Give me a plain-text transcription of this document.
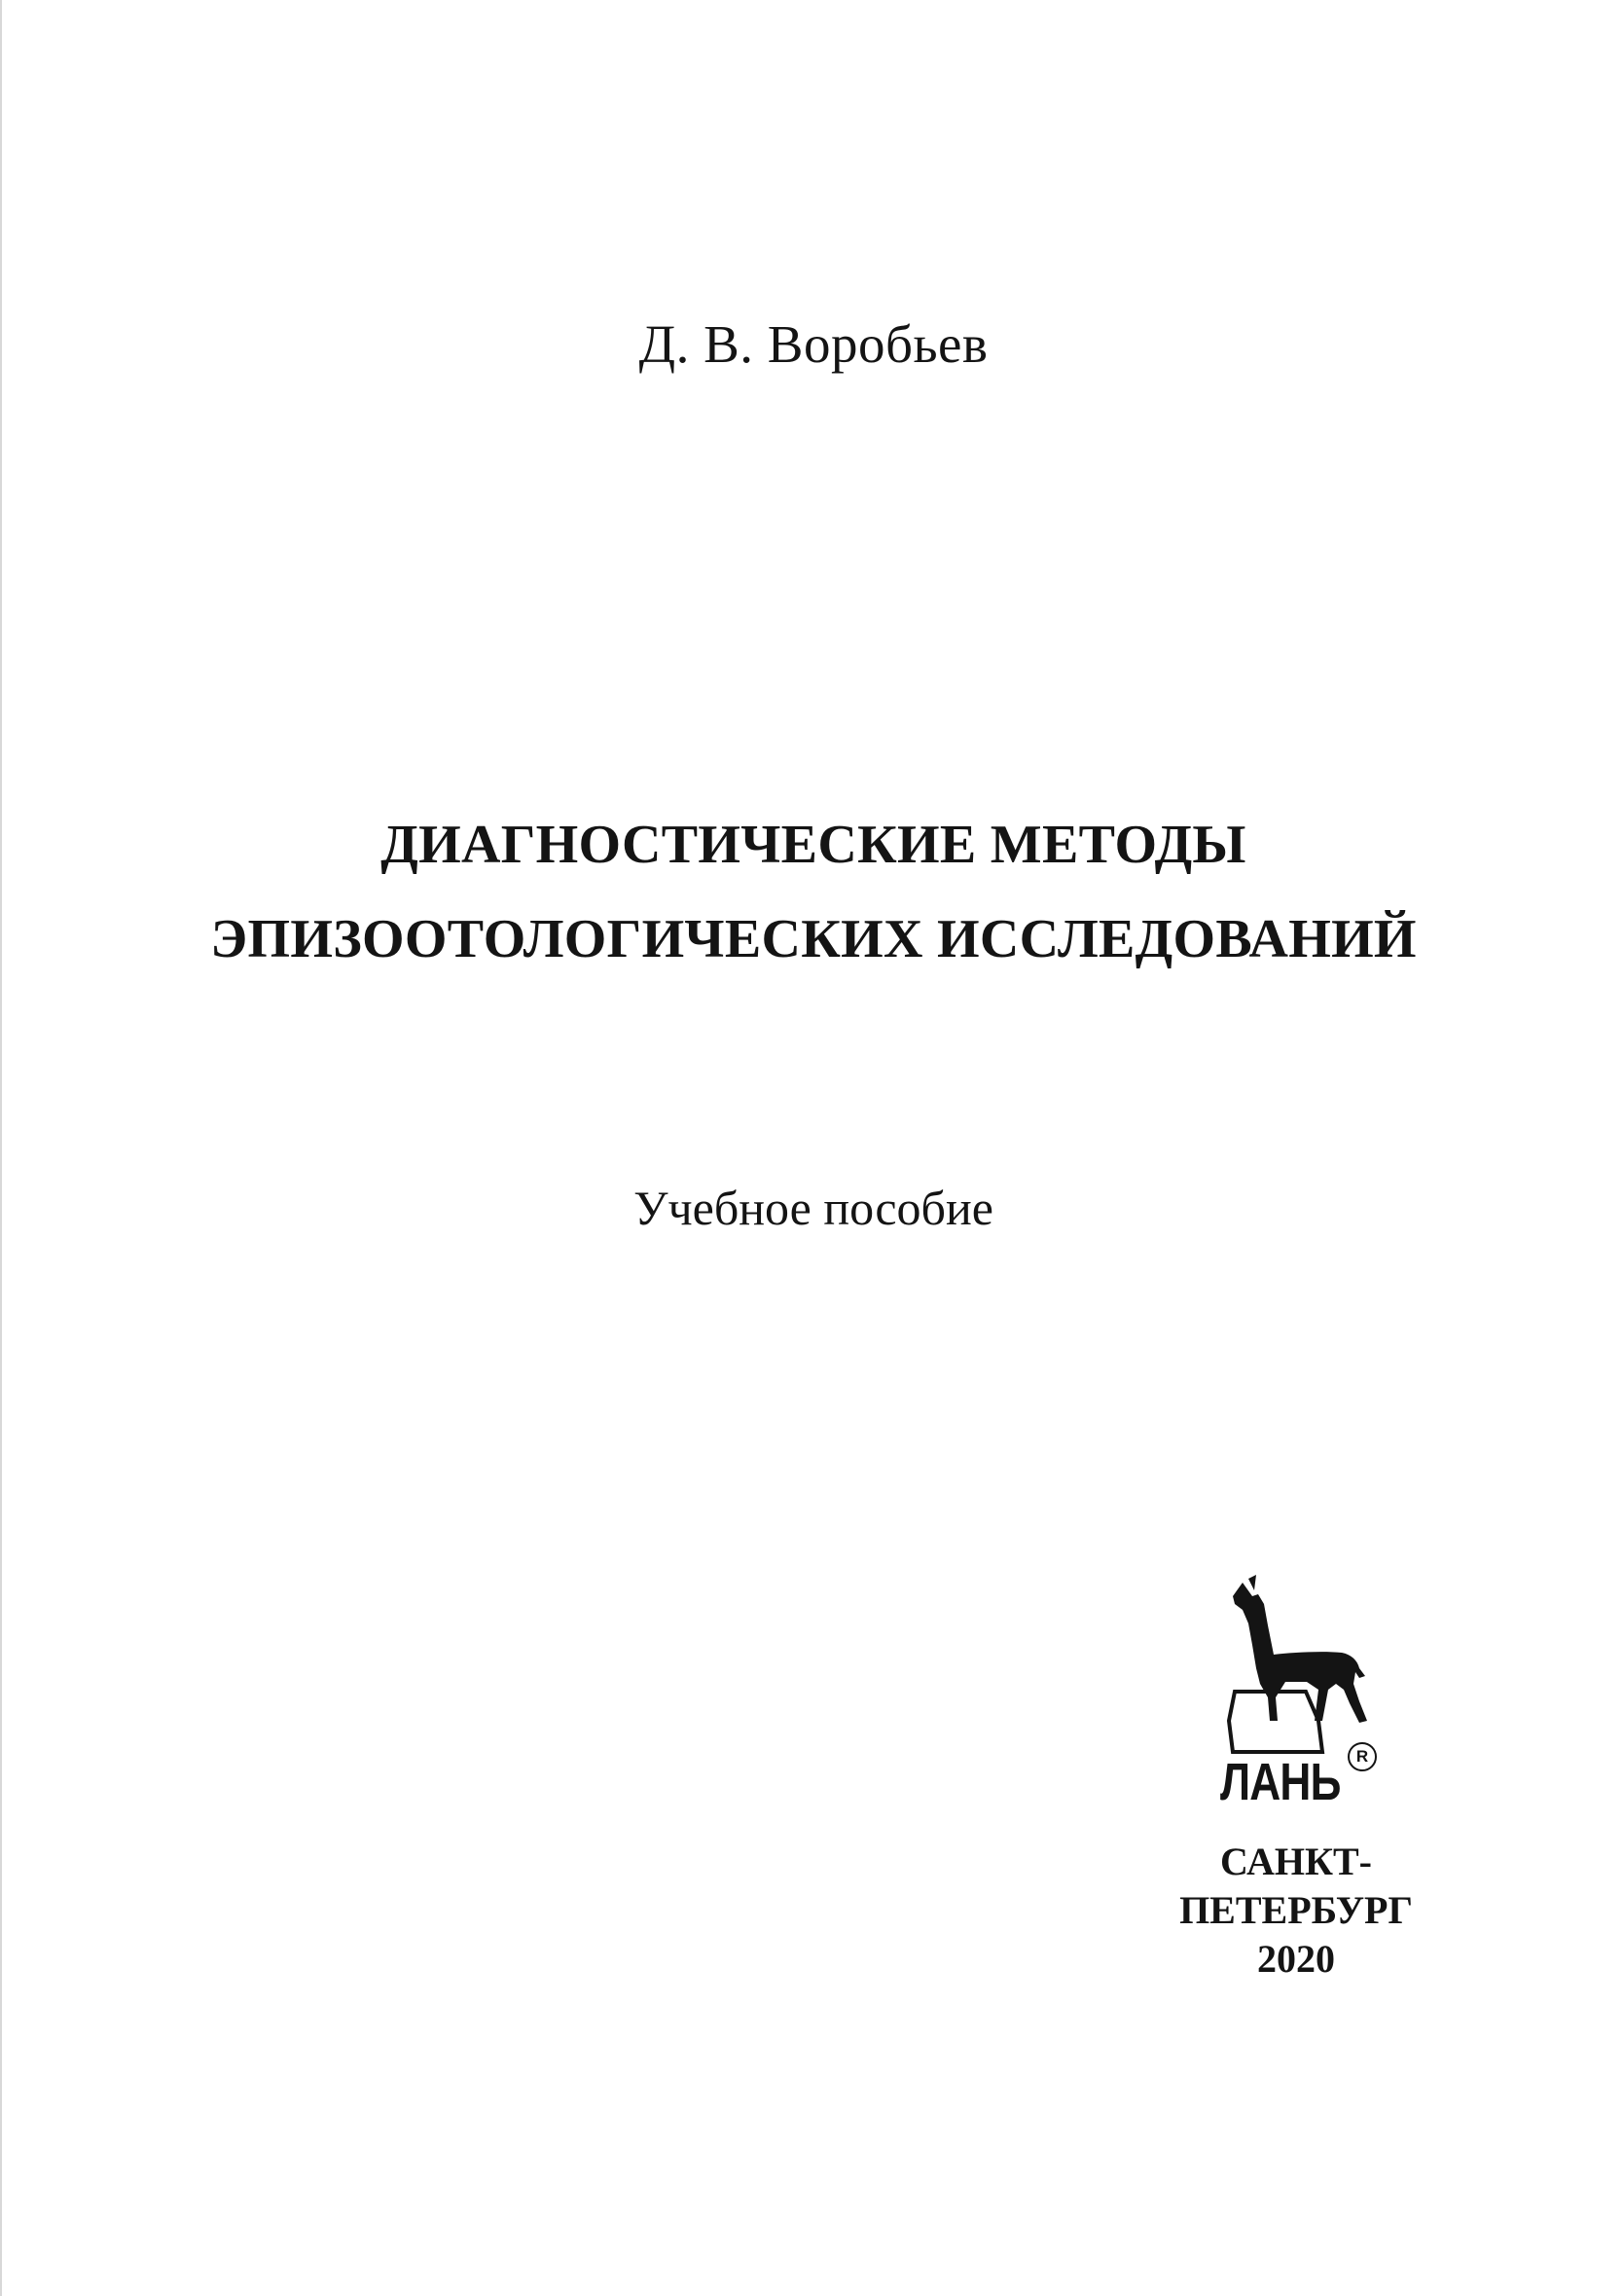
Д. В. Воробьев
ДИАГНОСТИЧЕСКИЕ МЕТОДЫ
ЭПИЗООТОЛОГИЧЕСКИХ ИССЛЕДОВАНИЙ
Учебное пособие
ЛАНЬ R
САНКТ-
ПЕТЕРБУРГ
2020
